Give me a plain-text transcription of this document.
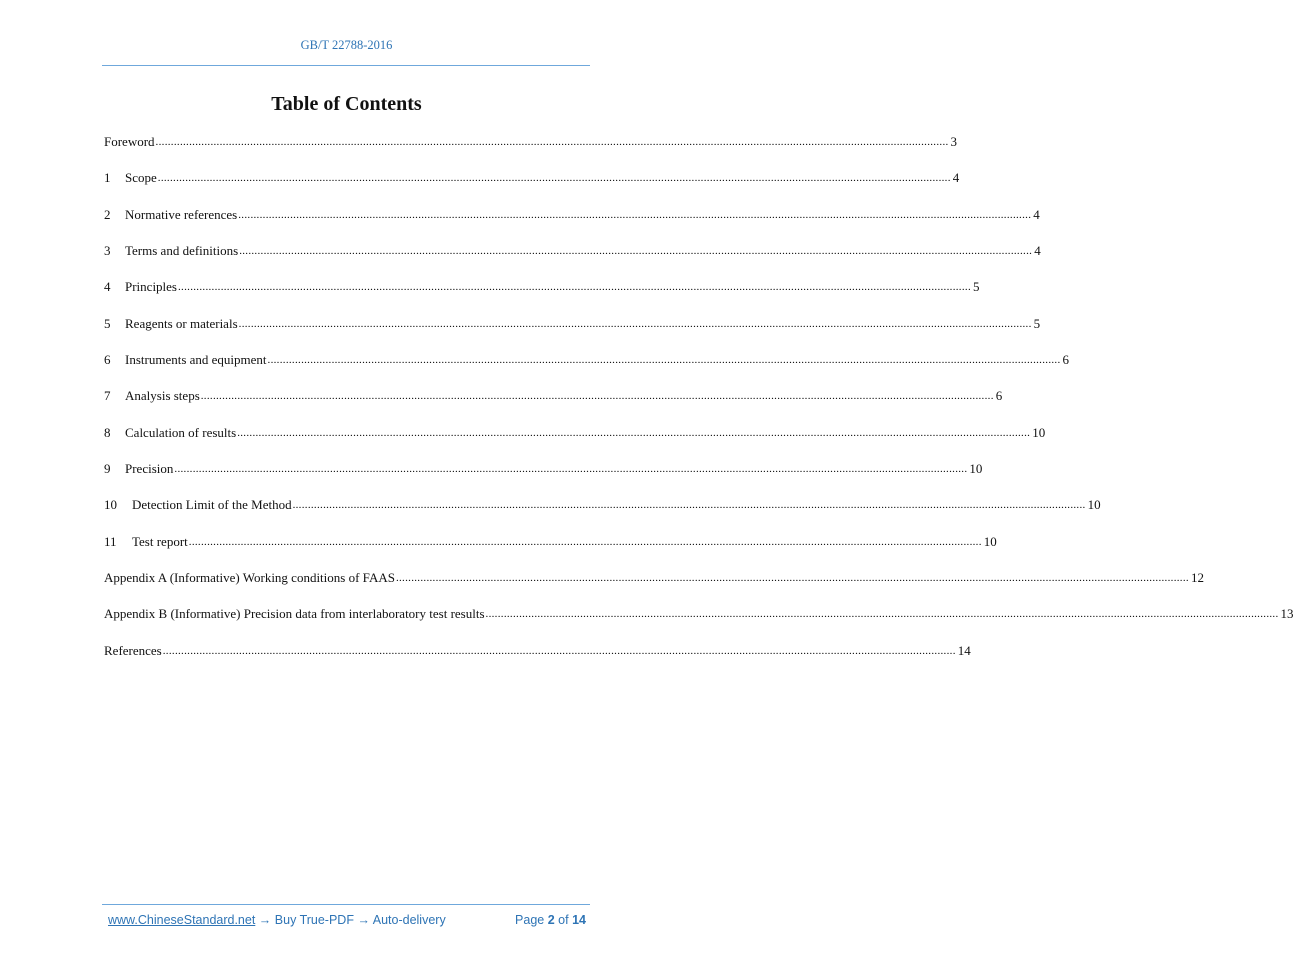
GB/T 22788-2016
Table of Contents
Foreword .................................................................................................................................................................................................................................................................... 3
1	Scope .................................................................................................................................................................................................................................................................... 4
2	Normative references .................................................................................................................................................................................................................................................................... 4
3	Terms and definitions .................................................................................................................................................................................................................................................................... 4
4	Principles .................................................................................................................................................................................................................................................................... 5
5	Reagents or materials .................................................................................................................................................................................................................................................................... 5
6	Instruments and equipment .................................................................................................................................................................................................................................................................... 6
7	Analysis steps .................................................................................................................................................................................................................................................................... 6
8	Calculation of results .................................................................................................................................................................................................................................................................... 10
9	Precision .................................................................................................................................................................................................................................................................... 10
10	Detection Limit of the Method .................................................................................................................................................................................................................................................................... 10
11	Test report .................................................................................................................................................................................................................................................................... 10
Appendix A (Informative) Working conditions of FAAS .................................................................................................................................................................................................................................................................... 12
Appendix B (Informative) Precision data from interlaboratory test results .................................................................................................................................................................................................................................................................... 13
References .................................................................................................................................................................................................................................................................... 14
www.ChineseStandard.net → Buy True-PDF → Auto-delivery	Page 2 of 14
